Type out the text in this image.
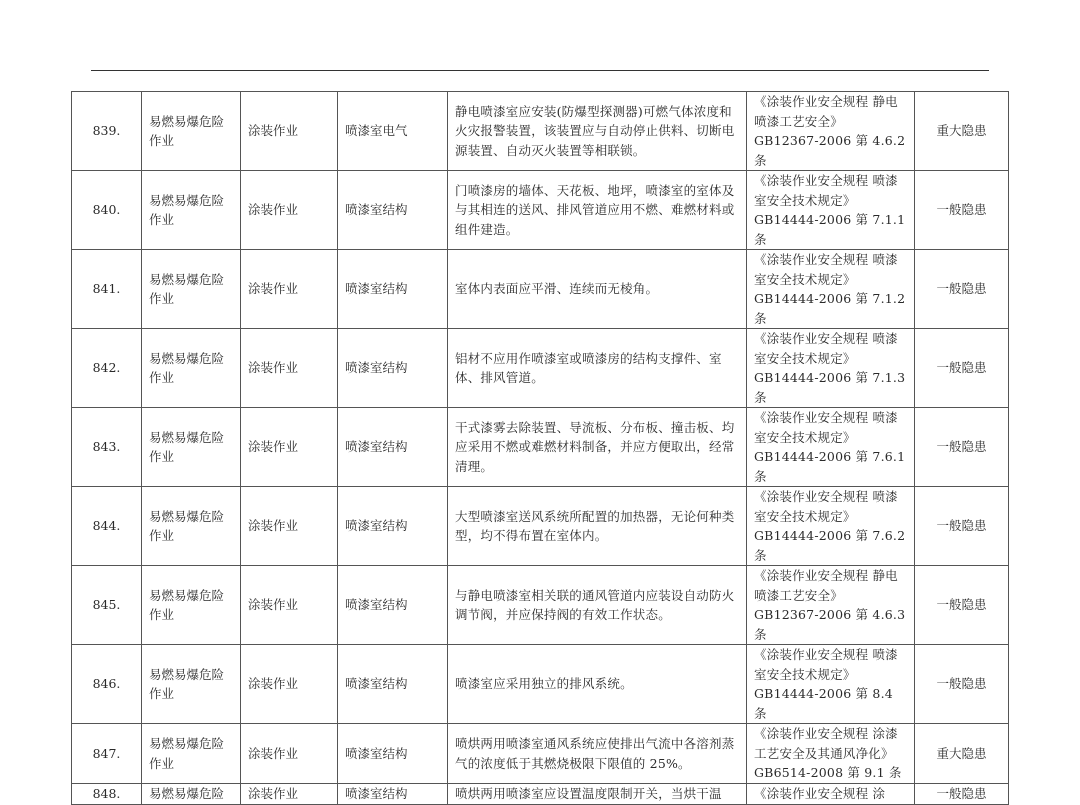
839.	易燃易爆危险作业	涂装作业	喷漆室电气	静电喷漆室应安装(防爆型探测器)可燃气体浓度和火灾报警装置，该装置应与自动停止供料、切断电源装置、自动灭火装置等相联锁。	《涂装作业安全规程 静电喷漆工艺安全》GB12367-2006 第 4.6.2 条	重大隐患
840.	易燃易爆危险作业	涂装作业	喷漆室结构	门喷漆房的墙体、天花板、地坪，喷漆室的室体及与其相连的送风、排风管道应用不燃、难燃材料或组件建造。	《涂装作业安全规程 喷漆室安全技术规定》GB14444-2006 第 7.1.1 条	一般隐患
841.	易燃易爆危险作业	涂装作业	喷漆室结构	室体内表面应平滑、连续而无棱角。	《涂装作业安全规程 喷漆室安全技术规定》GB14444-2006 第 7.1.2 条	一般隐患
842.	易燃易爆危险作业	涂装作业	喷漆室结构	铝材不应用作喷漆室或喷漆房的结构支撑件、室体、排风管道。	《涂装作业安全规程 喷漆室安全技术规定》GB14444-2006 第 7.1.3 条	一般隐患
843.	易燃易爆危险作业	涂装作业	喷漆室结构	干式漆雾去除装置、导流板、分布板、撞击板、均应采用不燃或难燃材料制备，并应方便取出，经常清理。	《涂装作业安全规程 喷漆室安全技术规定》GB14444-2006 第 7.6.1 条	一般隐患
844.	易燃易爆危险作业	涂装作业	喷漆室结构	大型喷漆室送风系统所配置的加热器，无论何种类型，均不得布置在室体内。	《涂装作业安全规程 喷漆室安全技术规定》GB14444-2006 第 7.6.2 条	一般隐患
845.	易燃易爆危险作业	涂装作业	喷漆室结构	与静电喷漆室相关联的通风管道内应装设自动防火调节阀，并应保持阀的有效工作状态。	《涂装作业安全规程 静电喷漆工艺安全》GB12367-2006 第 4.6.3 条	一般隐患
846.	易燃易爆危险作业	涂装作业	喷漆室结构	喷漆室应采用独立的排风系统。	《涂装作业安全规程 喷漆室安全技术规定》GB14444-2006 第 8.4 条	一般隐患
847.	易燃易爆危险作业	涂装作业	喷漆室结构	喷烘两用喷漆室通风系统应使排出气流中各溶剂蒸气的浓度低于其燃烧极限下限值的 25%。	《涂装作业安全规程 涂漆工艺安全及其通风净化》GB6514-2008 第 9.1 条	重大隐患
848.	易燃易爆危险	涂装作业	喷漆室结构	喷烘两用喷漆室应设置温度限制开关，当烘干温	《涂装作业安全规程 涂	一般隐患
